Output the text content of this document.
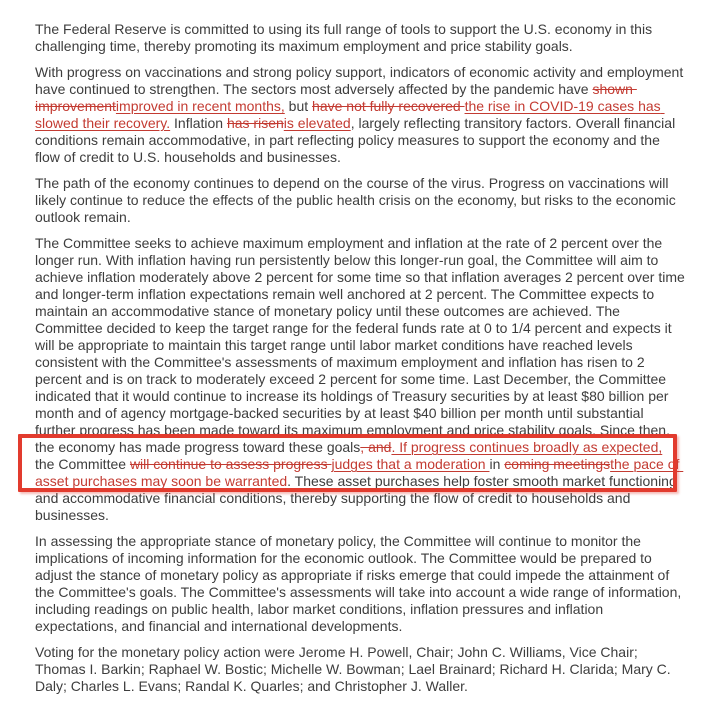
The Federal Reserve is committed to using its full range of tools to support the U.S. economy in this challenging time, thereby promoting its maximum employment and price stability goals.

With progress on vaccinations and strong policy support, indicators of economic activity and employment have continued to strengthen. The sectors most adversely affected by the pandemic have shown improvementimproved in recent months, but have not fully recovered the rise in COVID-19 cases has slowed their recovery. Inflation has risenis elevated, largely reflecting transitory factors. Overall financial conditions remain accommodative, in part reflecting policy measures to support the economy and the flow of credit to U.S. households and businesses.

The path of the economy continues to depend on the course of the virus. Progress on vaccinations will likely continue to reduce the effects of the public health crisis on the economy, but risks to the economic outlook remain.

The Committee seeks to achieve maximum employment and inflation at the rate of 2 percent over the longer run. With inflation having run persistently below this longer-run goal, the Committee will aim to achieve inflation moderately above 2 percent for some time so that inflation averages 2 percent over time and longer-term inflation expectations remain well anchored at 2 percent. The Committee expects to maintain an accommodative stance of monetary policy until these outcomes are achieved. The Committee decided to keep the target range for the federal funds rate at 0 to 1/4 percent and expects it will be appropriate to maintain this target range until labor market conditions have reached levels consistent with the Committee's assessments of maximum employment and inflation has risen to 2 percent and is on track to moderately exceed 2 percent for some time. Last December, the Committee indicated that it would continue to increase its holdings of Treasury securities by at least $80 billion per month and of agency mortgage-backed securities by at least $40 billion per month until substantial further progress has been made toward its maximum employment and price stability goals. Since then, the economy has made progress toward these goals, and. If progress continues broadly as expected, the Committee will continue to assess progress judges that a moderation in coming meetingsthe pace of asset purchases may soon be warranted. These asset purchases help foster smooth market functioning and accommodative financial conditions, thereby supporting the flow of credit to households and businesses.

In assessing the appropriate stance of monetary policy, the Committee will continue to monitor the implications of incoming information for the economic outlook. The Committee would be prepared to adjust the stance of monetary policy as appropriate if risks emerge that could impede the attainment of the Committee's goals. The Committee's assessments will take into account a wide range of information, including readings on public health, labor market conditions, inflation pressures and inflation expectations, and financial and international developments.

Voting for the monetary policy action were Jerome H. Powell, Chair; John C. Williams, Vice Chair; Thomas I. Barkin; Raphael W. Bostic; Michelle W. Bowman; Lael Brainard; Richard H. Clarida; Mary C. Daly; Charles L. Evans; Randal K. Quarles; and Christopher J. Waller.
